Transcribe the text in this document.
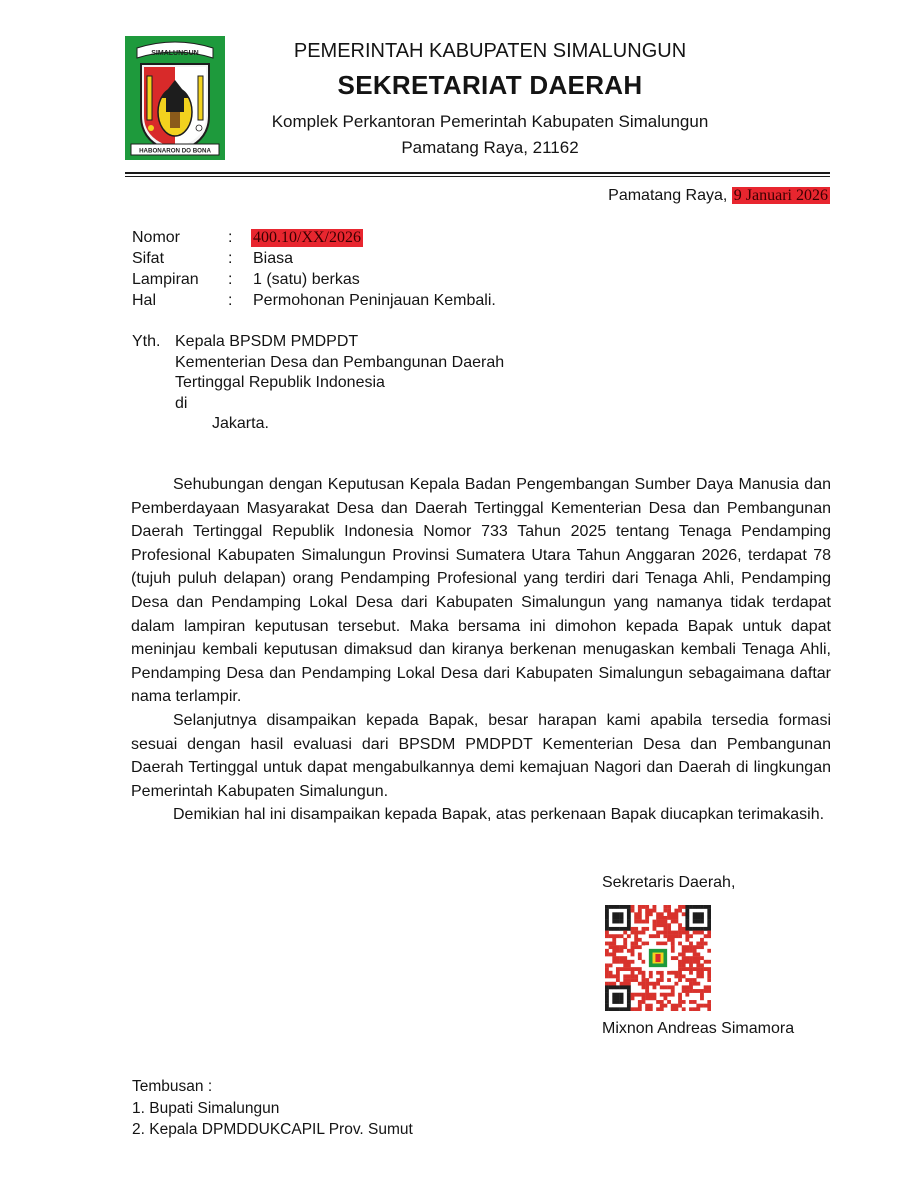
SIMALUNGUN
HABONARON DO BONA
PEMERINTAH KABUPATEN SIMALUNGUN
SEKRETARIAT DAERAH
Komplek Perkantoran Pemerintah Kabupaten Simalungun
Pamatang Raya, 21162
Pamatang Raya, 9 Januari 2026
Nomor	: 400.10/XX/2026
Sifat	: Biasa
Lampiran : 1 (satu) berkas
Hal	: Permohonan Peninjauan Kembali.
Yth. Kepala BPSDM PMDPDT
Kementerian Desa dan Pembangunan Daerah
Tertinggal Republik Indonesia
di
Jakarta.

Sehubungan dengan Keputusan Kepala Badan Pengembangan Sumber Daya Manusia dan Pemberdayaan Masyarakat Desa dan Daerah Tertinggal Kementerian Desa dan Pembangunan Daerah Tertinggal Republik Indonesia Nomor 733 Tahun 2025 tentang Tenaga Pendamping Profesional Kabupaten Simalungun Provinsi Sumatera Utara Tahun Anggaran 2026, terdapat 78 (tujuh puluh delapan) orang Pendamping Profesional yang terdiri dari Tenaga Ahli, Pendamping Desa dan Pendamping Lokal Desa dari Kabupaten Simalungun yang namanya tidak terdapat dalam lampiran keputusan tersebut. Maka bersama ini dimohon kepada Bapak untuk dapat meninjau kembali keputusan dimaksud dan kiranya berkenan menugaskan kembali Tenaga Ahli, Pendamping Desa dan Pendamping Lokal Desa dari Kabupaten Simalungun sebagaimana daftar nama terlampir.

Selanjutnya disampaikan kepada Bapak, besar harapan kami apabila tersedia formasi sesuai dengan hasil evaluasi dari BPSDM PMDPDT Kementerian Desa dan Pembangunan Daerah Tertinggal untuk dapat mengabulkannya demi kemajuan Nagori dan Daerah di lingkungan Pemerintah Kabupaten Simalungun.

Demikian hal ini disampaikan kepada Bapak, atas perkenaan Bapak diucapkan terimakasih.

Sekretaris Daerah,
Mixnon Andreas Simamora
Tembusan :
1. Bupati Simalungun
2. Kepala DPMDDUKCAPIL Prov. Sumut
